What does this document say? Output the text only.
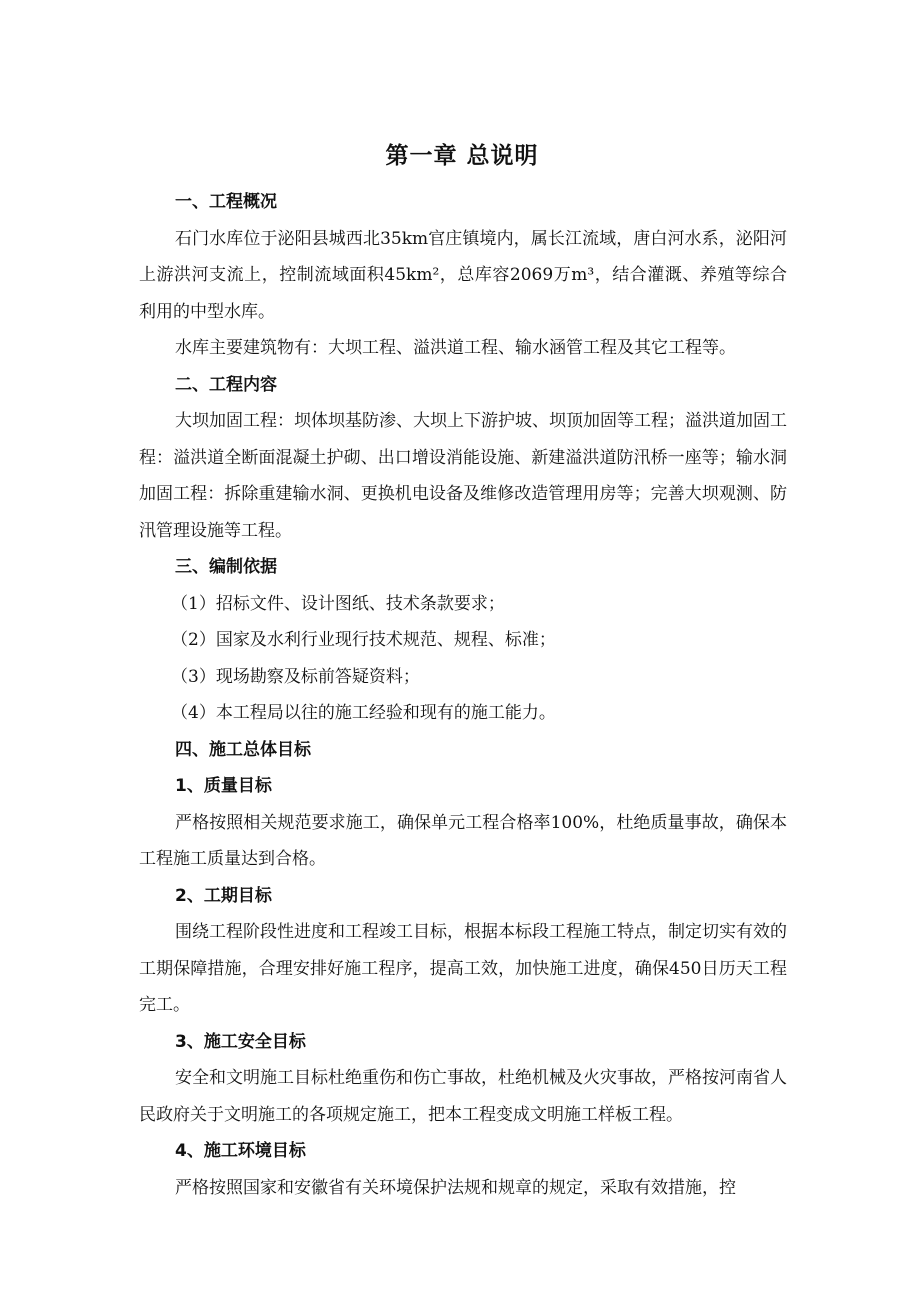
第一章 总说明
一、工程概况

石门水库位于泌阳县城西北35km官庄镇境内，属长江流域，唐白河水系，泌阳河上游洪河支流上，控制流域面积45km²，总库容2069万m³，结合灌溉、养殖等综合利用的中型水库。

水库主要建筑物有：大坝工程、溢洪道工程、输水涵管工程及其它工程等。

二、工程内容

大坝加固工程：坝体坝基防渗、大坝上下游护坡、坝顶加固等工程；溢洪道加固工程：溢洪道全断面混凝土护砌、出口增设消能设施、新建溢洪道防汛桥一座等；输水洞加固工程：拆除重建输水洞、更换机电设备及维修改造管理用房等；完善大坝观测、防汛管理设施等工程。

三、编制依据
（1）招标文件、设计图纸、技术条款要求；
（2）国家及水利行业现行技术规范、规程、标准；
（3）现场勘察及标前答疑资料；
（4）本工程局以往的施工经验和现有的施工能力。
四、施工总体目标
1、质量目标

严格按照相关规范要求施工，确保单元工程合格率100%，杜绝质量事故，确保本工程施工质量达到合格。

2、工期目标

围绕工程阶段性进度和工程竣工目标，根据本标段工程施工特点，制定切实有效的工期保障措施，合理安排好施工程序，提高工效，加快施工进度，确保450日历天工程完工。

3、施工安全目标

安全和文明施工目标杜绝重伤和伤亡事故，杜绝机械及火灾事故，严格按河南省人民政府关于文明施工的各项规定施工，把本工程变成文明施工样板工程。

4、施工环境目标

严格按照国家和安徽省有关环境保护法规和规章的规定，采取有效措施，控
